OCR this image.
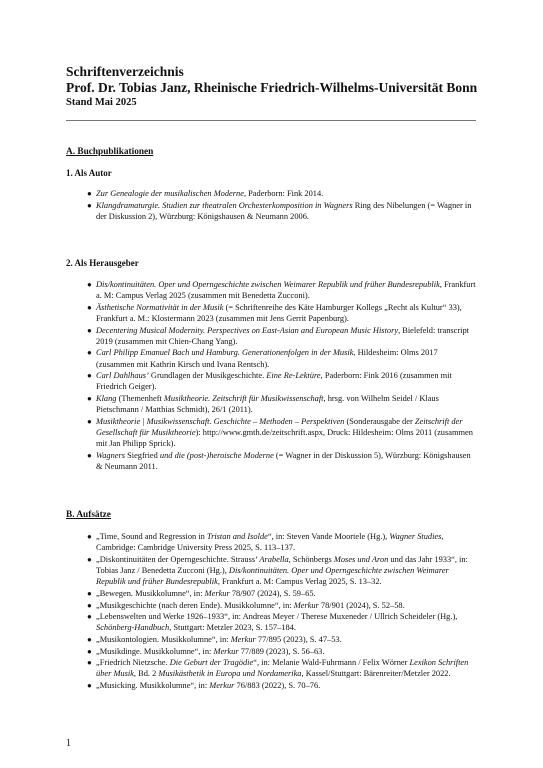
Schriftenverzeichnis
Prof. Dr. Tobias Janz, Rheinische Friedrich-Wilhelms-Universität Bonn
Stand Mai 2025
A. Buchpublikationen
1. Als Autor
● Zur Genealogie der musikalischen Moderne, Paderborn: Fink 2014.
● Klangdramaturgie. Studien zur theatralen Orchesterkomposition in Wagners Ring des Nibelungen (= Wagner in der Diskussion 2), Würzburg: Königshausen & Neumann 2006.
2. Als Herausgeber
● Dis/kontinuitäten. Oper und Operngeschichte zwischen Weimarer Republik und früher Bundesrepublik, Frankfurt a. M: Campus Verlag 2025 (zusammen mit Benedetta Zucconi).
● Ästhetische Normativität in der Musik (= Schriftenreihe des Käte Hamburger Kollegs „Recht als Kultur“ 33), Frankfurt a. M.: Klostermann 2023 (zusammen mit Jens Gerrit Papenburg).
● Decentering Musical Modernity. Perspectives on East-Asian and European Music History, Bielefeld: transcript 2019 (zusammen mit Chien-Chang Yang).
● Carl Philipp Emanuel Bach und Hamburg. Generationenfolgen in der Musik, Hildesheim: Olms 2017 (zusammen mit Kathrin Kirsch und Ivana Rentsch).
● Carl Dahlhaus’ Grundlagen der Musikgeschichte. Eine Re-Lektüre, Paderborn: Fink 2016 (zusammen mit Friedrich Geiger).
● Klang (Themenheft Musiktheorie. Zeitschrift für Musikwissenschaft, hrsg. von Wilhelm Seidel / Klaus Pietschmann / Matthias Schmidt), 26/1 (2011).
● Musiktheorie | Musikwissenschaft. Geschichte – Methoden – Perspektiven (Sonderausgabe der Zeitschrift der Gesellschaft für Musiktheorie): http://www.gmth.de/zeitschrift.aspx, Druck: Hildesheim: Olms 2011 (zusammen mit Jan Philipp Sprick).
● Wagners Siegfried und die (post-)heroische Moderne (= Wagner in der Diskussion 5), Würzburg: Königshausen & Neumann 2011.
B. Aufsätze
● „Time, Sound and Regression in Tristan and Isolde“, in: Steven Vande Moortele (Hg.), Wagner Studies, Cambridge: Cambridge University Press 2025, S. 113–137.
● „Diskontinuitäten der Operngeschichte. Strauss’ Arabella, Schönbergs Moses und Aron und das Jahr 1933“, in: Tobias Janz / Benedetta Zucconi (Hg.), Dis/kontinuitäten. Oper und Operngeschichte zwischen Weimarer Republik und früher Bundesrepublik, Frankfurt a. M: Campus Verlag 2025, S. 13–32.
● „Bewegen. Musikkolumne“, in: Merkur 78/907 (2024), S. 59–65.
● „Musikgeschichte (nach deren Ende). Musikkolumne“, in: Merkur 78/901 (2024), S. 52–58.
● „Lebenswelten und Werke 1926–1933“, in: Andreas Meyer / Therese Muxeneder / Ullrich Scheideler (Hg.), Schönberg-Handbuch, Stuttgart: Metzler 2023, S. 157–184.
● „Musikontologien. Musikkolumne“, in: Merkur 77/895 (2023), S. 47–53.
● „Musikdinge. Musikkolumne“, in: Merkur 77/889 (2023), S. 56–63.
● „Friedrich Nietzsche. Die Geburt der Tragödie“, in: Melanie Wald-Fuhrmann / Felix Wörner Lexikon Schriften über Musik, Bd. 2 Musikästhetik in Europa und Nordamerika, Kassel/Stuttgart: Bärenreiter/Metzler 2022.
● „Musicking. Musikkolumne“, in: Merkur 76/883 (2022), S. 70–76.
1
